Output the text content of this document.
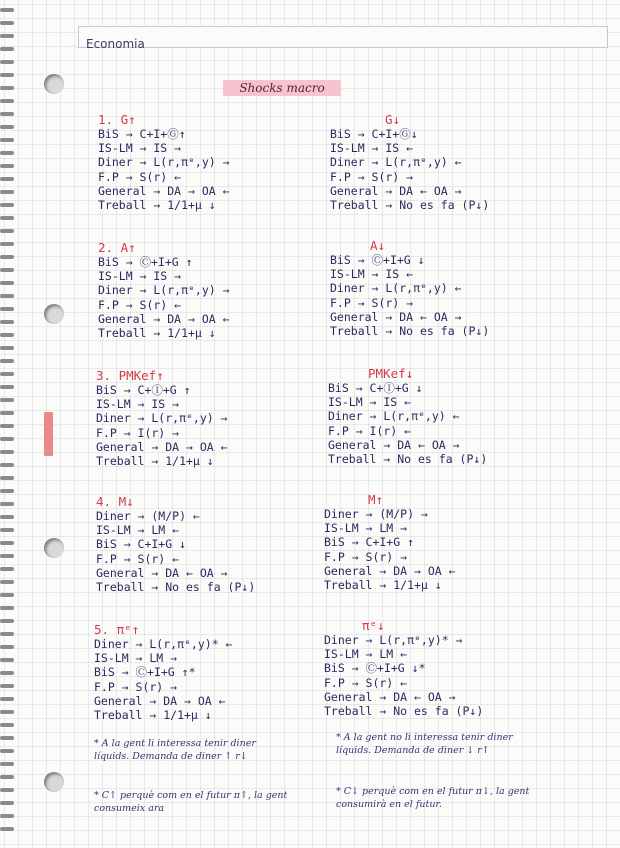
Economia
Shocks macro
1. G↑
BiS → C+I+Ⓖ↑
IS-LM → IS →
Diner → L(r,πᵉ,y) →
F.P → S(r) ←
General → DA → OA ←
Treball → 1/1+μ ↓
G↓
BiS → C+I+Ⓖ↓
IS-LM → IS ←
Diner → L(r,πᵉ,y) ←
F.P → S(r) →
General → DA ← OA →
Treball → No es fa (P↓)
2. A↑
BiS → Ⓒ+I+G ↑
IS-LM → IS →
Diner → L(r,πᵉ,y) →
F.P → S(r) ←
General → DA → OA ←
Treball → 1/1+μ ↓
A↓
BiS → Ⓒ+I+G ↓
IS-LM → IS ←
Diner → L(r,πᵉ,y) ←
F.P → S(r) →
General → DA ← OA →
Treball → No es fa (P↓)
3. PMKef↑
BiS → C+Ⓘ+G ↑
IS-LM → IS →
Diner → L(r,πᵉ,y) →
F.P → I(r) →
General → DA → OA ←
Treball → 1/1+μ ↓
PMKef↓
BiS → C+Ⓘ+G ↓
IS-LM → IS ←
Diner → L(r,πᵉ,y) ←
F.P → I(r) ←
General → DA ← OA →
Treball → No es fa (P↓)
4. M↓
Diner → (M/P) ←
IS-LM → LM ←
BiS → C+I+G ↓
F.P → S(r) ←
General → DA ← OA →
Treball → No es fa (P↓)
M↑
Diner → (M/P) →
IS-LM → LM →
BiS → C+I+G ↑
F.P → S(r) →
General → DA → OA ←
Treball → 1/1+μ ↓
5. πᵉ↑
Diner → L(r,πᵉ,y)* ←
IS-LM → LM →
BiS → Ⓒ+I+G ↑*
F.P → S(r) →
General → DA → OA ←
Treball → 1/1+μ ↓
πᵉ↓
Diner → L(r,πᵉ,y)* →
IS-LM → LM ←
BiS → Ⓒ+I+G ↓*
F.P → S(r) ←
General → DA ← OA →
Treball → No es fa (P↓)
* A la gent li interessa tenir diner líquids. Demanda de diner ↑ r↓
* C↑ perquè com en el futur π↑, la gent consumeix ara
* A la gent no li interessa tenir diner líquids. Demanda de diner ↓ r↑
* C↓ perquè com en el futur π↓, la gent consumirà en el futur.
